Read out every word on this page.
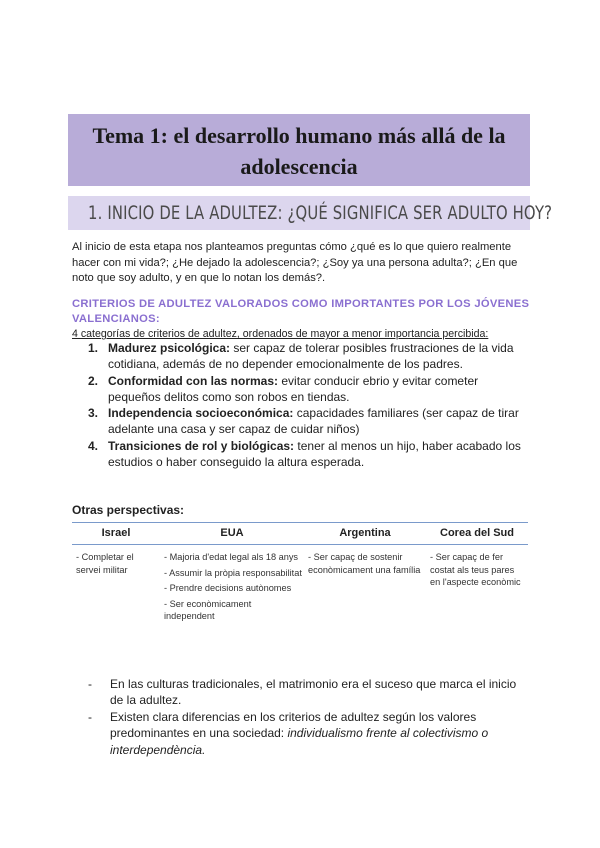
Tema 1: el desarrollo humano más allá de la adolescencia
1. INICIO DE LA ADULTEZ: ¿QUÉ SIGNIFICA SER ADULTO HOY?
Al inicio de esta etapa nos planteamos preguntas cómo ¿qué es lo que quiero realmente hacer con mi vida?; ¿He dejado la adolescencia?; ¿Soy ya una persona adulta?; ¿En que noto que soy adulto, y en que lo notan los demás?.
CRITERIOS DE ADULTEZ VALORADOS COMO IMPORTANTES POR LOS JÓVENES VALENCIANOS:
4 categorías de criterios de adultez, ordenados de mayor a menor importancia percibida:
1. Madurez psicológica: ser capaz de tolerar posibles frustraciones de la vida cotidiana, además de no depender emocionalmente de los padres.
2. Conformidad con las normas: evitar conducir ebrio y evitar cometer pequeños delitos como son robos en tiendas.
3. Independencia socioeconómica: capacidades familiares (ser capaz de tirar adelante una casa y ser capaz de cuidar niños)
4. Transiciones de rol y biológicas: tener al menos un hijo, haber acabado los estudios o haber conseguido la altura esperada.
Otras perspectivas:
Israel	EUA	Argentina	Corea del Sud

- Completar el servei militar	- Majoria d'edat legal als 18 anys
- Assumir la pròpia responsabilitat
- Prendre decisions autònomes
- Ser econòmicament independent	- Ser capaç de sostenir econòmicament una família	- Ser capaç de fer costat als teus pares en l'aspecte econòmic
- En las culturas tradicionales, el matrimonio era el suceso que marca el inicio de la adultez.
- Existen clara diferencias en los criterios de adultez según los valores predominantes en una sociedad: individualismo frente al colectivismo o interdependència.
